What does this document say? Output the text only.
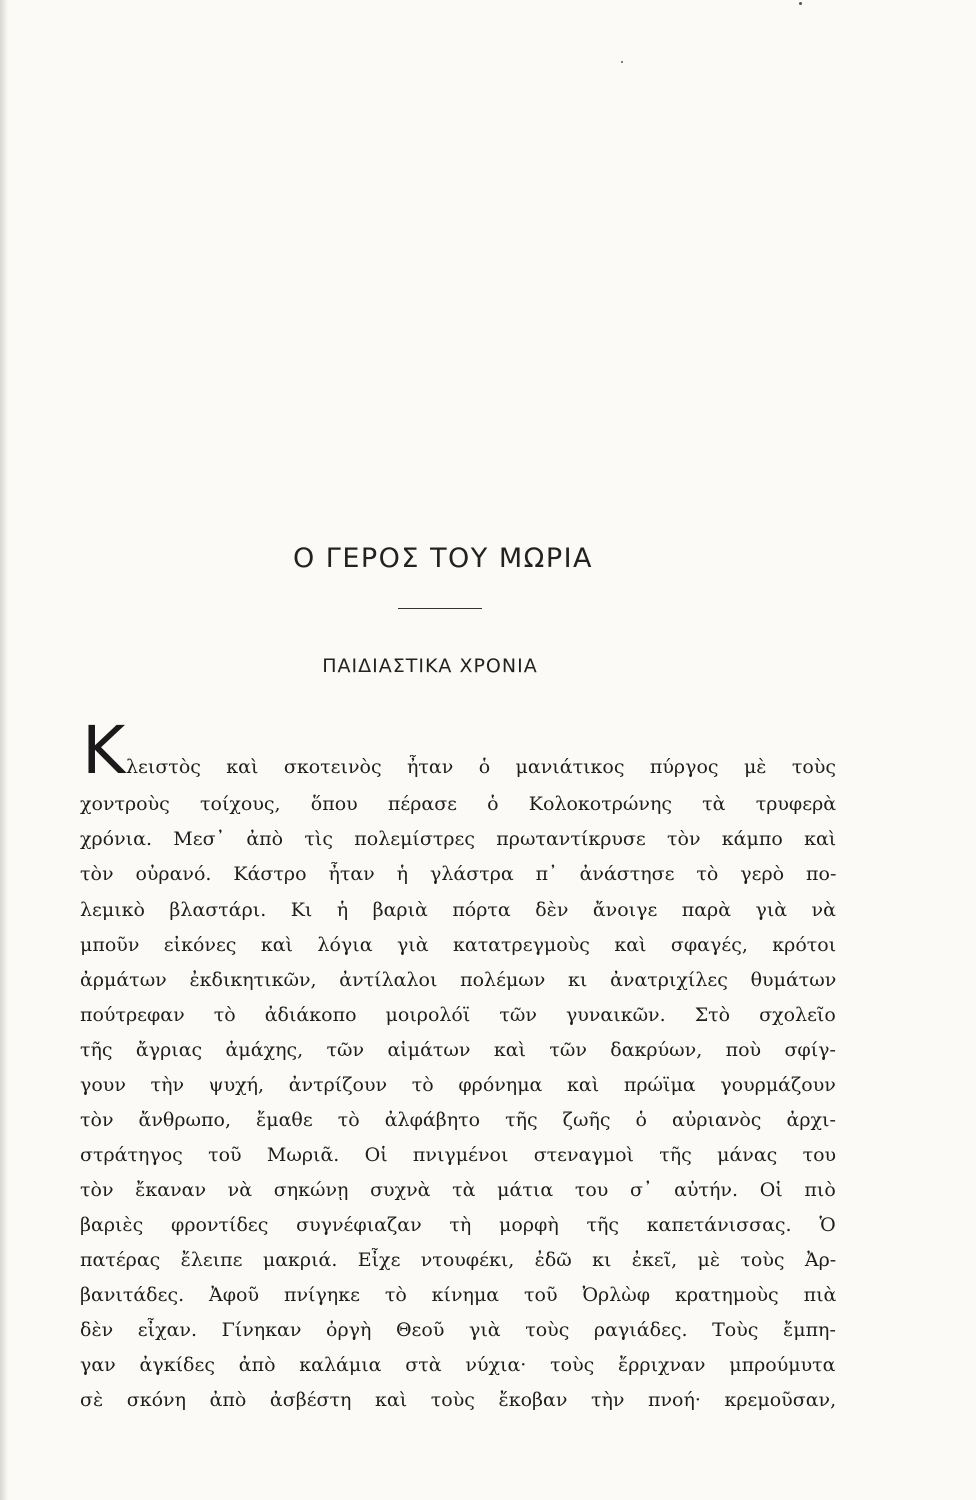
Ο ΓΕΡΟΣ ΤΟΥ ΜΩΡΙΑ
ΠΑΙΔΙΑΣΤΙΚΑ ΧΡΟΝΙΑ
Κ λειστὸς καὶ σκοτεινὸς ἦταν ὁ μανιάτικος πύργος μὲ τοὺς
χοντροὺς τοίχους, ὅπου πέρασε ὁ Κολοκοτρώνης τὰ τρυφερὰ
χρόνια. Μεσ᾽ ἀπὸ τὶς πολεμίστρες πρωταντίκρυσε τὸν κάμπο καὶ
τὸν οὐρανό. Κάστρο ἦταν ἡ γλάστρα π᾽ ἀνάστησε τὸ γερὸ πο-
λεμικὸ βλαστάρι. Κι ἡ βαριὰ πόρτα δὲν ἄνοιγε παρὰ γιὰ νὰ
μποῦν εἰκόνες καὶ λόγια γιὰ κατατρεγμοὺς καὶ σφαγές, κρότοι
ἀρμάτων ἐκδικητικῶν, ἀντίλαλοι πολέμων κι ἀνατριχίλες θυμάτων
πούτρεφαν τὸ ἀδιάκοπο μοιρολόϊ τῶν γυναικῶν. Στὸ σχολεῖο
τῆς ἄγριας ἀμάχης, τῶν αἱμάτων καὶ τῶν δακρύων, ποὺ σφίγ-
γουν τὴν ψυχή, ἀντρίζουν τὸ φρόνημα καὶ πρώϊμα γουρμάζουν
τὸν ἄνθρωπο, ἔμαθε τὸ ἀλφάβητο τῆς ζωῆς ὁ αὐριανὸς ἀρχι-
στράτηγος τοῦ Μωριᾶ. Οἱ πνιγμένοι στεναγμοὶ τῆς μάνας του
τὸν ἔκαναν νὰ σηκώνῃ συχνὰ τὰ μάτια του σ᾽ αὐτήν. Οἱ πιὸ
βαριὲς φροντίδες συγνέφιαζαν τὴ μορφὴ τῆς καπετάνισσας. Ὁ
πατέρας ἔλειπε μακριά. Εἶχε ντουφέκι, ἐδῶ κι ἐκεῖ, μὲ τοὺς Ἀρ-
βανιτάδες. Ἀφοῦ πνίγηκε τὸ κίνημα τοῦ Ὀρλὼφ κρατημοὺς πιὰ
δὲν εἶχαν. Γίνηκαν ὀργὴ Θεοῦ γιὰ τοὺς ραγιάδες. Τοὺς ἔμπη-
γαν ἀγκίδες ἀπὸ καλάμια στὰ νύχια· τοὺς ἔρριχναν μπρούμυτα
σὲ σκόνη ἀπὸ ἀσβέστη καὶ τοὺς ἔκοβαν τὴν πνοή· κρεμοῦσαν,
